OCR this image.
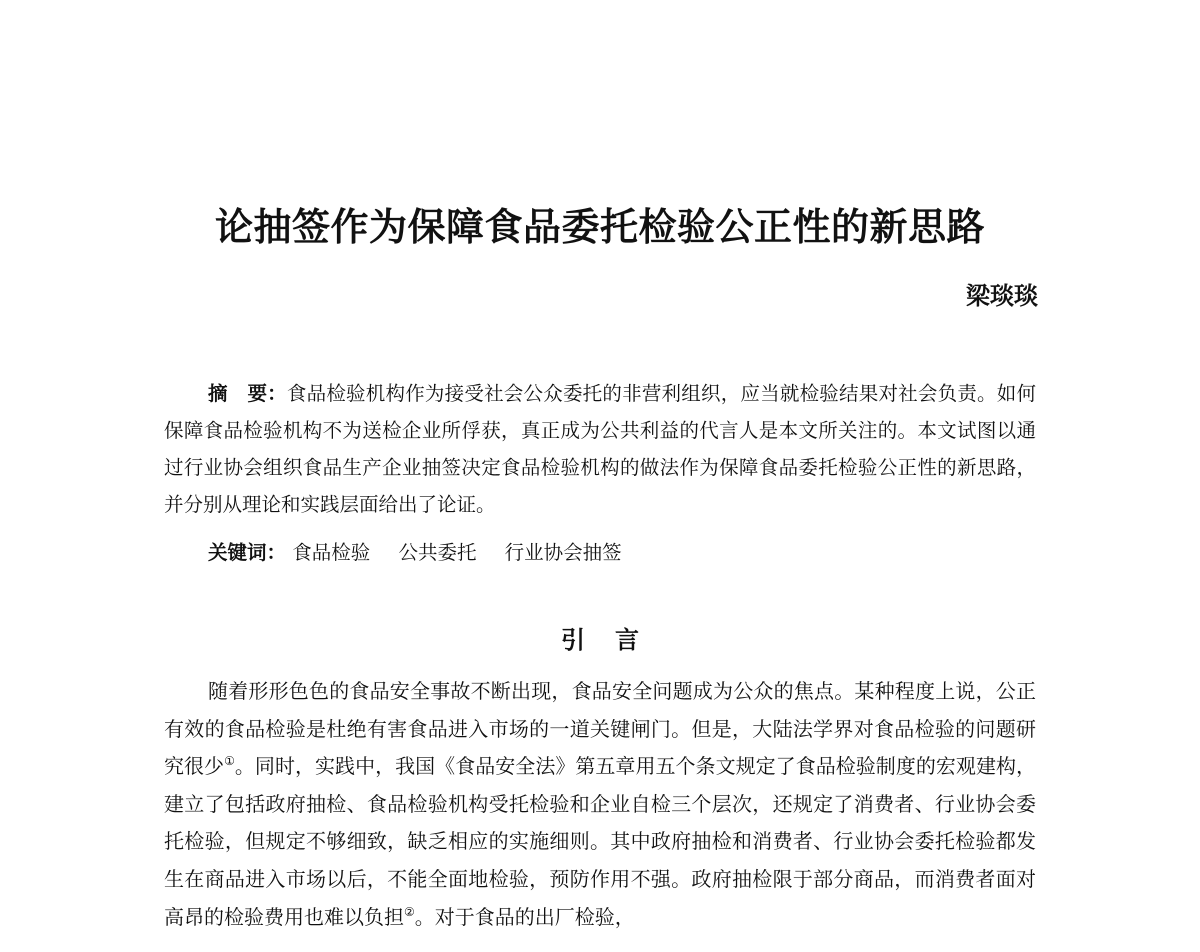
论抽签作为保障食品委托检验公正性的新思路
梁琰琰

摘　要：食品检验机构作为接受社会公众委托的非营利组织，应当就检验结果对社会负责。如何保障食品检验机构不为送检企业所俘获，真正成为公共利益的代言人是本文所关注的。本文试图以通过行业协会组织食品生产企业抽签决定食品检验机构的做法作为保障食品委托检验公正性的新思路，并分别从理论和实践层面给出了论证。

关键词： 食品检验 公共委托 行业协会抽签
引言

随着形形色色的食品安全事故不断出现，食品安全问题成为公众的焦点。某种程度上说，公正有效的食品检验是杜绝有害食品进入市场的一道关键闸门。但是，大陆法学界对食品检验的问题研究很少①。同时，实践中，我国《食品安全法》第五章用五个条文规定了食品检验制度的宏观建构，建立了包括政府抽检、食品检验机构受托检验和企业自检三个层次，还规定了消费者、行业协会委托检验，但规定不够细致，缺乏相应的实施细则。其中政府抽检和消费者、行业协会委托检验都发生在商品进入市场以后，不能全面地检验，预防作用不强。政府抽检限于部分商品，而消费者面对高昂的检验费用也难以负担②。对于食品的出厂检验，
